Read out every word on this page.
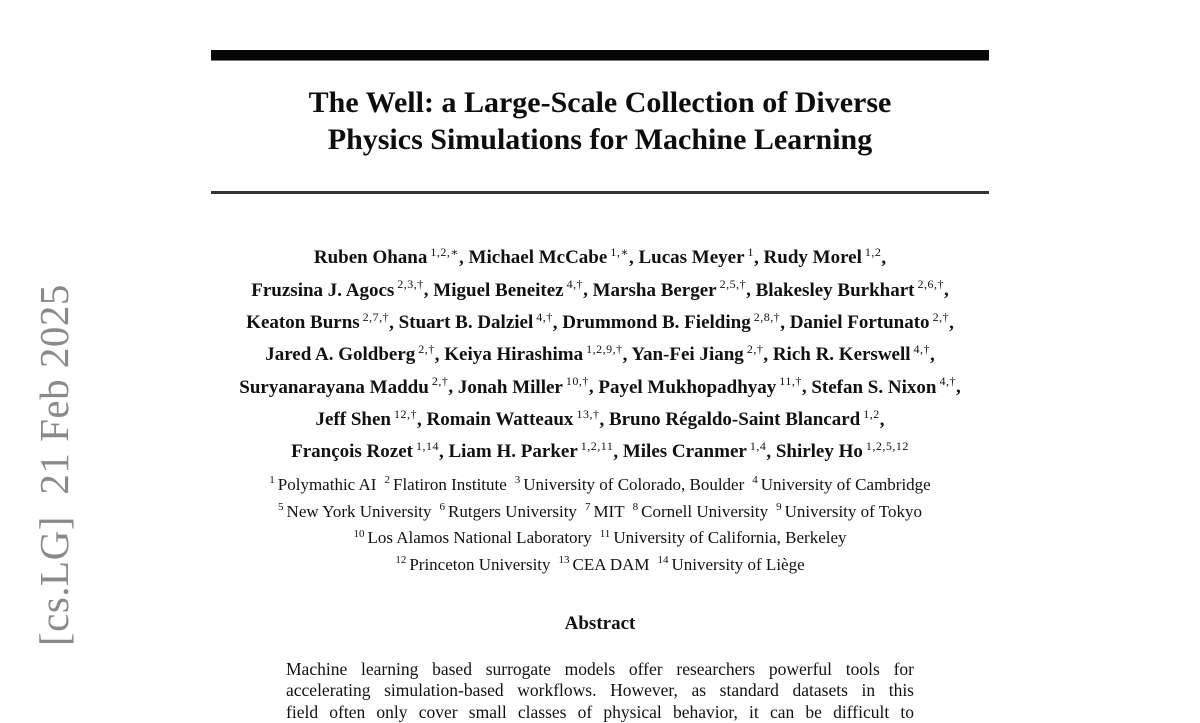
[cs.LG]  21 Feb 2025
The Well: a Large-Scale Collection of Diverse
Physics Simulations for Machine Learning
Ruben Ohana $^{1,2,∗}$, Michael McCabe $^{1,∗}$, Lucas Meyer $^1$, Rudy Morel $^{1,2}$,
Fruzsina J. Agocs $^{2,3,\dagger}$, Miguel Beneitez $^{4,\dagger}$, Marsha Berger $^{2,5,\dagger}$, Blakesley Burkhart $^{2,6,\dagger}$,
Keaton Burns $^{2,7,\dagger}$, Stuart B. Dalziel $^{4,\dagger}$, Drummond B. Fielding $^{2,8,\dagger}$, Daniel Fortunato $^{2,\dagger}$,
Jared A. Goldberg $^{2,\dagger}$, Keiya Hirashima $^{1,2,9,\dagger}$, Yan-Fei Jiang $^{2,\dagger}$, Rich R. Kerswell $^{4,\dagger}$,
Suryanarayana Maddu $^{2,\dagger}$, Jonah Miller $^{10,\dagger}$, Payel Mukhopadhyay $^{11,\dagger}$, Stefan S. Nixon $^{4,\dagger}$,
Jeff Shen $^{12,\dagger}$, Romain Watteaux $^{13,\dagger}$, Bruno Régaldo-Saint Blancard $^{1,2}$,
François Rozet $^{1,14}$, Liam H. Parker $^{1,2,11}$, Miles Cranmer $^{1,4}$, Shirley Ho $^{1,2,5,12}$
$^1$ Polymathic AI $^2$ Flatiron Institute $^3$ University of Colorado, Boulder $^4$ University of Cambridge
$^5$ New York University $^6$ Rutgers University $^7$ MIT $^8$ Cornell University $^9$ University of Tokyo
$^{10}$ Los Alamos National Laboratory $^{11}$ University of California, Berkeley
$^{12}$ Princeton University $^{13}$ CEA DAM $^{14}$ University of Liège
Abstract
Machine learning based surrogate models offer researchers powerful tools for
accelerating simulation-based workflows. However, as standard datasets in this
field often only cover small classes of physical behavior, it can be difficult to
